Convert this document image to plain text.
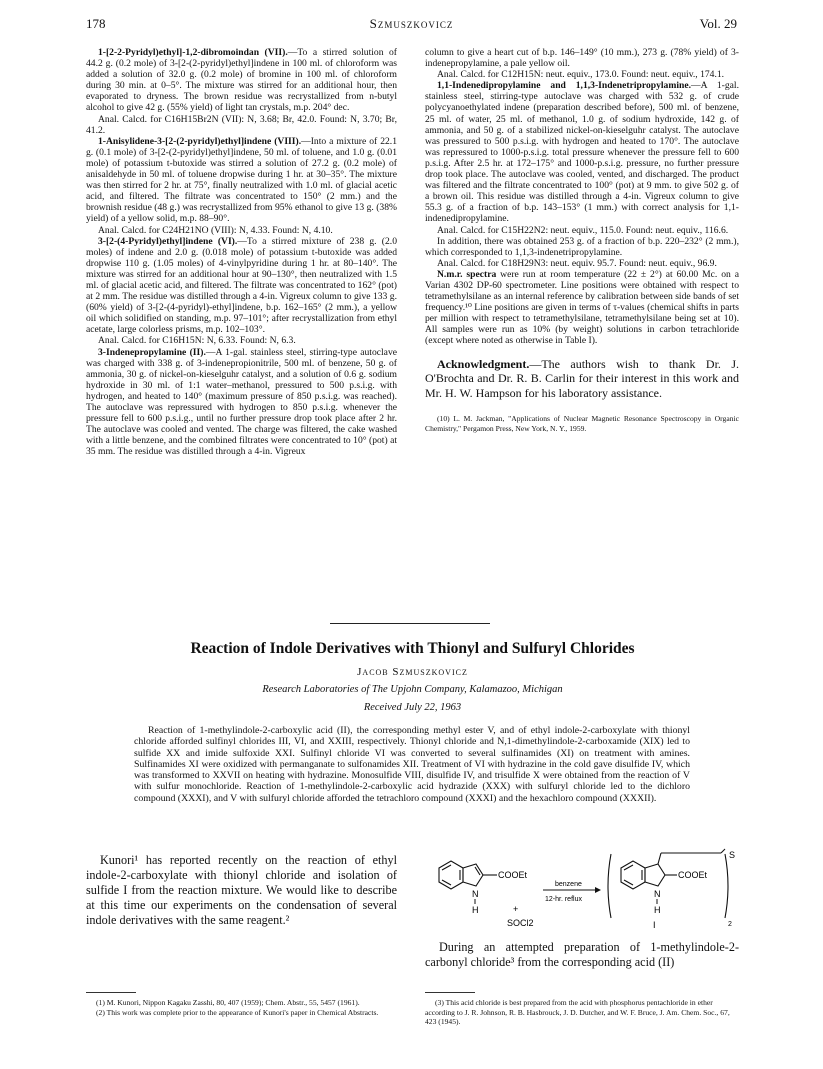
178	Szmuszkovicz	Vol. 29

1-[2-2-Pyridyl)ethyl]-1,2-dibromoindan (VII).—To a stirred solution of 44.2 g. (0.2 mole) of 3-[2-(2-pyridyl)ethyl]indene in 100 ml. of chloroform was added a solution of 32.0 g. (0.2 mole) of bromine in 100 ml. of chloroform during 30 min. at 0–5°. The mixture was stirred for an additional hour, then evaporated to dryness. The brown residue was recrystallized from n-butyl alcohol to give 42 g. (55% yield) of light tan crystals, m.p. 204° dec.

Anal. Calcd. for C16H15Br2N (VII): N, 3.68; Br, 42.0. Found: N, 3.70; Br, 41.2.

1-Anisylidene-3-[2-(2-pyridyl)ethyl]indene (VIII).—Into a mixture of 22.1 g. (0.1 mole) of 3-[2-(2-pyridyl)ethyl]indene, 50 ml. of toluene, and 1.0 g. (0.01 mole) of potassium t-butoxide was stirred a solution of 27.2 g. (0.2 mole) of anisaldehyde in 50 ml. of toluene dropwise during 1 hr. at 30–35°. The mixture was then stirred for 2 hr. at 75°, finally neutralized with 1.0 ml. of glacial acetic acid, and filtered. The filtrate was concentrated to 150° (2 mm.) and the brownish residue (48 g.) was recrystallized from 95% ethanol to give 13 g. (38% yield) of a yellow solid, m.p. 88–90°.

Anal. Calcd. for C24H21NO (VIII): N, 4.33. Found: N, 4.10.

3-[2-(4-Pyridyl)ethyl]indene (VI).—To a stirred mixture of 238 g. (2.0 moles) of indene and 2.0 g. (0.018 mole) of potassium t-butoxide was added dropwise 110 g. (1.05 moles) of 4-vinylpyridine during 1 hr. at 80–140°. The mixture was stirred for an additional hour at 90–130°, then neutralized with 1.5 ml. of glacial acetic acid, and filtered. The filtrate was concentrated to 162° (pot) at 2 mm. The residue was distilled through a 4-in. Vigreux column to give 133 g. (60% yield) of 3-[2-(4-pyridyl)-ethyl]indene, b.p. 162–165° (2 mm.), a yellow oil which solidified on standing, m.p. 97–101°; after recrystallization from ethyl acetate, large colorless prisms, m.p. 102–103°.

Anal. Calcd. for C16H15N: N, 6.33. Found: N, 6.3.

3-Indenepropylamine (II).—A 1-gal. stainless steel, stirring-type autoclave was charged with 338 g. of 3-indenepropionitrile, 500 ml. of benzene, 50 g. of ammonia, 30 g. of nickel-on-kieselguhr catalyst, and a solution of 0.6 g. sodium hydroxide in 30 ml. of 1:1 water–methanol, pressured to 500 p.s.i.g. with hydrogen, and heated to 140° (maximum pressure of 850 p.s.i.g. was reached). The autoclave was repressured with hydrogen to 850 p.s.i.g. whenever the pressure fell to 600 p.s.i.g., until no further pressure drop took place after 2 hr. The autoclave was cooled and vented. The charge was filtered, the cake washed with a little benzene, and the combined filtrates were concentrated to 10° (pot) at 35 mm. The residue was distilled through a 4-in. Vigreux

column to give a heart cut of b.p. 146–149° (10 mm.), 273 g. (78% yield) of 3-indenepropylamine, a pale yellow oil.

Anal. Calcd. for C12H15N: neut. equiv., 173.0. Found: neut. equiv., 174.1.

1,1-Indenedipropylamine and 1,1,3-Indenetripropylamine.—A 1-gal. stainless steel, stirring-type autoclave was charged with 532 g. of crude polycyanoethylated indene (preparation described before), 500 ml. of benzene, 25 ml. of water, 25 ml. of methanol, 1.0 g. of sodium hydroxide, 142 g. of ammonia, and 50 g. of a stabilized nickel-on-kieselguhr catalyst. The autoclave was pressured to 500 p.s.i.g. with hydrogen and heated to 170°. The autoclave was repressured to 1000-p.s.i.g. total pressure whenever the pressure fell to 600 p.s.i.g. After 2.5 hr. at 172–175° and 1000-p.s.i.g. pressure, no further pressure drop took place. The autoclave was cooled, vented, and discharged. The product was filtered and the filtrate concentrated to 100° (pot) at 9 mm. to give 502 g. of a brown oil. This residue was distilled through a 4-in. Vigreux column to give 55.3 g. of a fraction of b.p. 143–153° (1 mm.) with correct analysis for 1,1-indenedipropylamine.

Anal. Calcd. for C15H22N2: neut. equiv., 115.0. Found: neut. equiv., 116.6.

In addition, there was obtained 253 g. of a fraction of b.p. 220–232° (2 mm.), which corresponded to 1,1,3-indenetripropylamine.

Anal. Calcd. for C18H29N3: neut. equiv. 95.7. Found: neut. equiv., 96.9.

N.m.r. spectra were run at room temperature (22 ± 2°) at 60.00 Mc. on a Varian 4302 DP-60 spectrometer. Line positions were obtained with respect to tetramethylsilane as an internal reference by calibration between side bands of set frequency.¹⁰ Line positions are given in terms of τ-values (chemical shifts in parts per million with respect to tetramethylsilane, tetramethylsilane being set at 10). All samples were run as 10% (by weight) solutions in carbon tetrachloride (except where noted as otherwise in Table I).

Acknowledgment.—The authors wish to thank Dr. J. O'Brochta and Dr. R. B. Carlin for their interest in this work and Mr. H. W. Hampson for his laboratory assistance.

(10) L. M. Jackman, "Applications of Nuclear Magnetic Resonance Spectroscopy in Organic Chemistry," Pergamon Press, New York, N. Y., 1959.

Reaction of Indole Derivatives with Thionyl and Sulfuryl Chlorides
Jacob Szmuszkovicz
Research Laboratories of The Upjohn Company, Kalamazoo, Michigan
Received July 22, 1963

Reaction of 1-methylindole-2-carboxylic acid (II), the corresponding methyl ester V, and of ethyl indole-2-carboxylate with thionyl chloride afforded sulfinyl chlorides III, VI, and XXIII, respectively. Thionyl chloride and N,1-dimethylindole-2-carboxamide (XIX) led to sulfide XX and imide sulfoxide XXI. Sulfinyl chloride VI was converted to several sulfinamides (XI) on treatment with amines. Sulfinamides XI were oxidized with permanganate to sulfonamides XII. Treatment of VI with hydrazine in the cold gave disulfide IV, which was transformed to XXVII on heating with hydrazine. Monosulfide VIII, disulfide IV, and trisulfide X were obtained from the reaction of V with sulfur monochloride. Reaction of 1-methylindole-2-carboxylic acid hydrazide (XXX) with sulfuryl chloride led to the dichloro compound (XXXI), and V with sulfuryl chloride afforded the tetrachloro compound (XXXI) and the hexachloro compound (XXXII).

Kunori¹ has reported recently on the reaction of ethyl indole-2-carboxylate with thionyl chloride and isolation of sulfide I from the reaction mixture. We would like to describe at this time our experiments on the condensation of several indole derivatives with the same reagent.²

(1) M. Kunori, Nippon Kagaku Zasshi, 80, 407 (1959); Chem. Abstr., 55, 5457 (1961).

(2) This work was complete prior to the appearance of Kunori's paper in Chemical Abstracts.

COOEt
N
H	+
SOCl2
benzene
12-hr. reflux
S
COOEt
N
H
2
I

During an attempted preparation of 1-methylindole-2-carbonyl chloride³ from the corresponding acid (II)

(3) This acid chloride is best prepared from the acid with phosphorus pentachloride in ether according to J. R. Johnson, R. B. Hasbrouck, J. D. Dutcher, and W. F. Bruce, J. Am. Chem. Soc., 67, 423 (1945).
